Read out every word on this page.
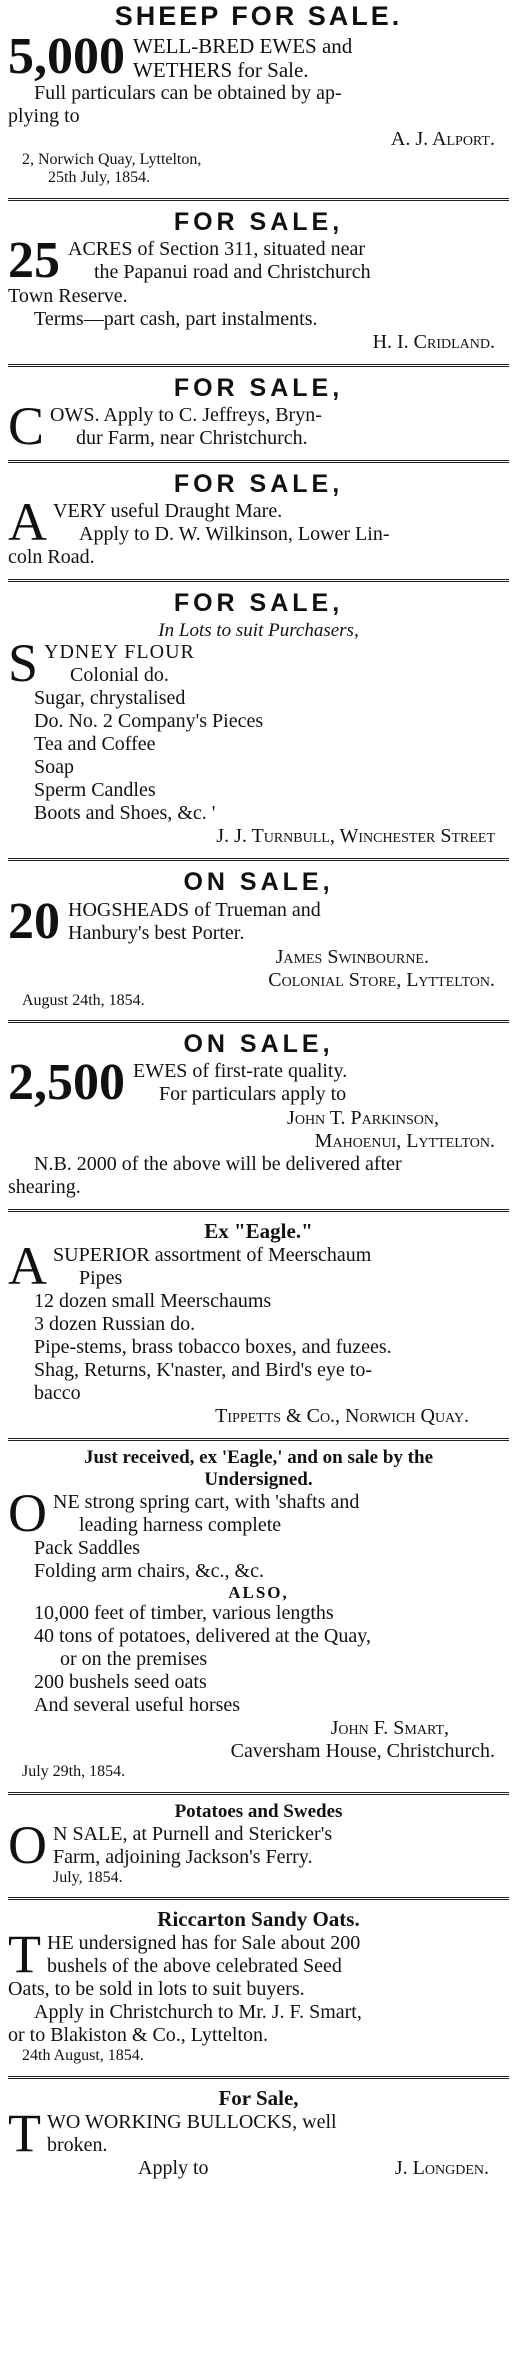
SHEEP FOR SALE.
5,000 WELL-BRED EWES and
WETHERS for Sale.
Full particulars can be obtained by ap-
plying to
A. J. Alport.
2, Norwich Quay, Lyttelton,
25th July, 1854.
FOR SALE,
25 ACRES of Section 311, situated near
the Papanui road and Christchurch
Town Reserve.
Terms—part cash, part instalments.
H. I. Cridland.
FOR SALE,
C OWS. Apply to C. Jeffreys, Bryn-
dur Farm, near Christchurch.
FOR SALE,
A VERY useful Draught Mare.
Apply to D. W. Wilkinson, Lower Lin-
coln Road.
FOR SALE,
In Lots to suit Purchasers,
S YDNEY FLOUR
Colonial do.
Sugar, chrystalised
Do. No. 2 Company's Pieces
Tea and Coffee
Soap
Sperm Candles
Boots and Shoes, &c. '
J. J. Turnbull, Winchester Street
ON SALE,
20 HOGSHEADS of Trueman and
Hanbury's best Porter.
James Swinbourne.
Colonial Store, Lyttelton.
August 24th, 1854.
ON SALE,
2,500 EWES of first-rate quality.
For particulars apply to
John T. Parkinson,
Mahoenui, Lyttelton.
N.B. 2000 of the above will be delivered after
shearing.
Ex "Eagle."
A SUPERIOR assortment of Meerschaum
Pipes
12 dozen small Meerschaums
3 dozen Russian do.
Pipe-stems, brass tobacco boxes, and fuzees.
Shag, Returns, K'naster, and Bird's eye to-
bacco
Tippetts & Co., Norwich Quay.
Just received, ex 'Eagle,' and on sale by the
Undersigned.
O NE strong spring cart, with 'shafts and
leading harness complete
Pack Saddles
Folding arm chairs, &c., &c.
ALSO,
10,000 feet of timber, various lengths
40 tons of potatoes, delivered at the Quay,
or on the premises
200 bushels seed oats
And several useful horses
John F. Smart,
Caversham House, Christchurch.
July 29th, 1854.
Potatoes and Swedes
O N SALE, at Purnell and Stericker's
Farm, adjoining Jackson's Ferry.
July, 1854.
Riccarton Sandy Oats.
T HE undersigned has for Sale about 200
bushels of the above celebrated Seed
Oats, to be sold in lots to suit buyers.
Apply in Christchurch to Mr. J. F. Smart,
or to Blakiston & Co., Lyttelton.
24th August, 1854.
For Sale,
T WO WORKING BULLOCKS, well
broken.
Apply to	J. Longden.
